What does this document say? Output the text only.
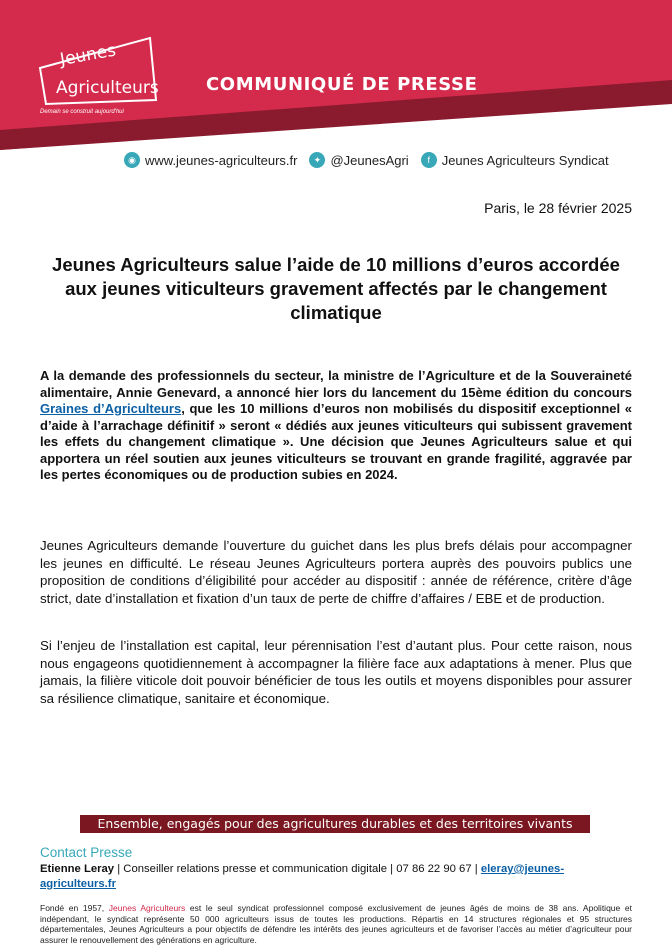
Jeunes
Agriculteurs
Demain se construit aujourd'hui
COMMUNIQUÉ DE PRESSE
◉ www.jeunes-agriculteurs.fr	✦ @JeunesAgri	f Jeunes Agriculteurs Syndicat
Paris, le 28 février 2025
Jeunes Agriculteurs salue l’aide de 10 millions d’euros accordée aux jeunes viticulteurs gravement affectés par le changement climatique
A la demande des professionnels du secteur, la ministre de l’Agriculture et de la Souveraineté alimentaire, Annie Genevard, a annoncé hier lors du lancement du 15ème édition du concours Graines d’Agriculteurs, que les 10 millions d’euros non mobilisés du dispositif exceptionnel « d’aide à l’arrachage définitif » seront « dédiés aux jeunes viticulteurs qui subissent gravement les effets du changement climatique ». Une décision que Jeunes Agriculteurs salue et qui apportera un réel soutien aux jeunes viticulteurs se trouvant en grande fragilité, aggravée par les pertes économiques ou de production subies en 2024.
Jeunes Agriculteurs demande l’ouverture du guichet dans les plus brefs délais pour accompagner les jeunes en difficulté. Le réseau Jeunes Agriculteurs portera auprès des pouvoirs publics une proposition de conditions d’éligibilité pour accéder au dispositif : année de référence, critère d’âge strict, date d’installation et fixation d’un taux de perte de chiffre d’affaires / EBE et de production.
Si l’enjeu de l’installation est capital, leur pérennisation l’est d’autant plus. Pour cette raison, nous nous engageons quotidiennement à accompagner la filière face aux adaptations à mener. Plus que jamais, la filière viticole doit pouvoir bénéficier de tous les outils et moyens disponibles pour assurer sa résilience climatique, sanitaire et économique.
Ensemble, engagés pour des agricultures durables et des territoires vivants
Contact Presse
Etienne Leray | Conseiller relations presse et communication digitale | 07 86 22 90 67 | eleray@jeunes-agriculteurs.fr
Fondé en 1957, Jeunes Agriculteurs est le seul syndicat professionnel composé exclusivement de jeunes âgés de moins de 38 ans. Apolitique et indépendant, le syndicat représente 50 000 agriculteurs issus de toutes les productions. Répartis en 14 structures régionales et 95 structures départementales, Jeunes Agriculteurs a pour objectifs de défendre les intérêts des jeunes agriculteurs et de favoriser l’accès au métier d’agriculteur pour assurer le renouvellement des générations en agriculture.
